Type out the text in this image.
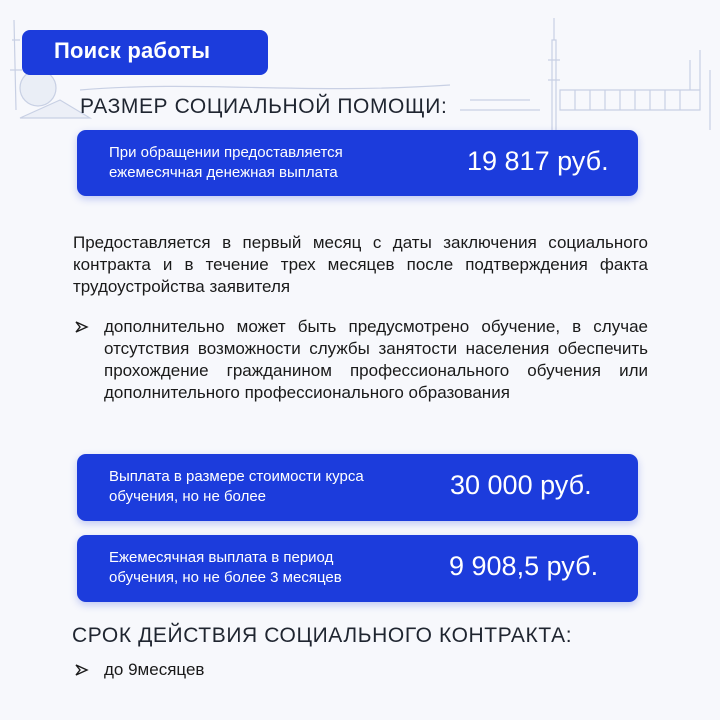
Поиск работы
РАЗМЕР СОЦИАЛЬНОЙ ПОМОЩИ:
При обращении предоставляется
ежемесячная денежная выплата	19 817 руб.
Предоставляется в первый месяц с даты заключения социального контракта и в течение трех месяцев после подтверждения факта трудоустройства заявителя
дополнительно может быть предусмотрено обучение, в случае отсутствия возможности службы занятости населения обеспечить прохождение гражданином профессионального обучения или дополнительного профессионального образования
Выплата в размере стоимости курса
обучения, но не более	30 000 руб.
Ежемесячная выплата в период
обучения, но не более 3 месяцев	9 908,5 руб.
СРОК ДЕЙСТВИЯ СОЦИАЛЬНОГО КОНТРАКТА:
до 9месяцев
